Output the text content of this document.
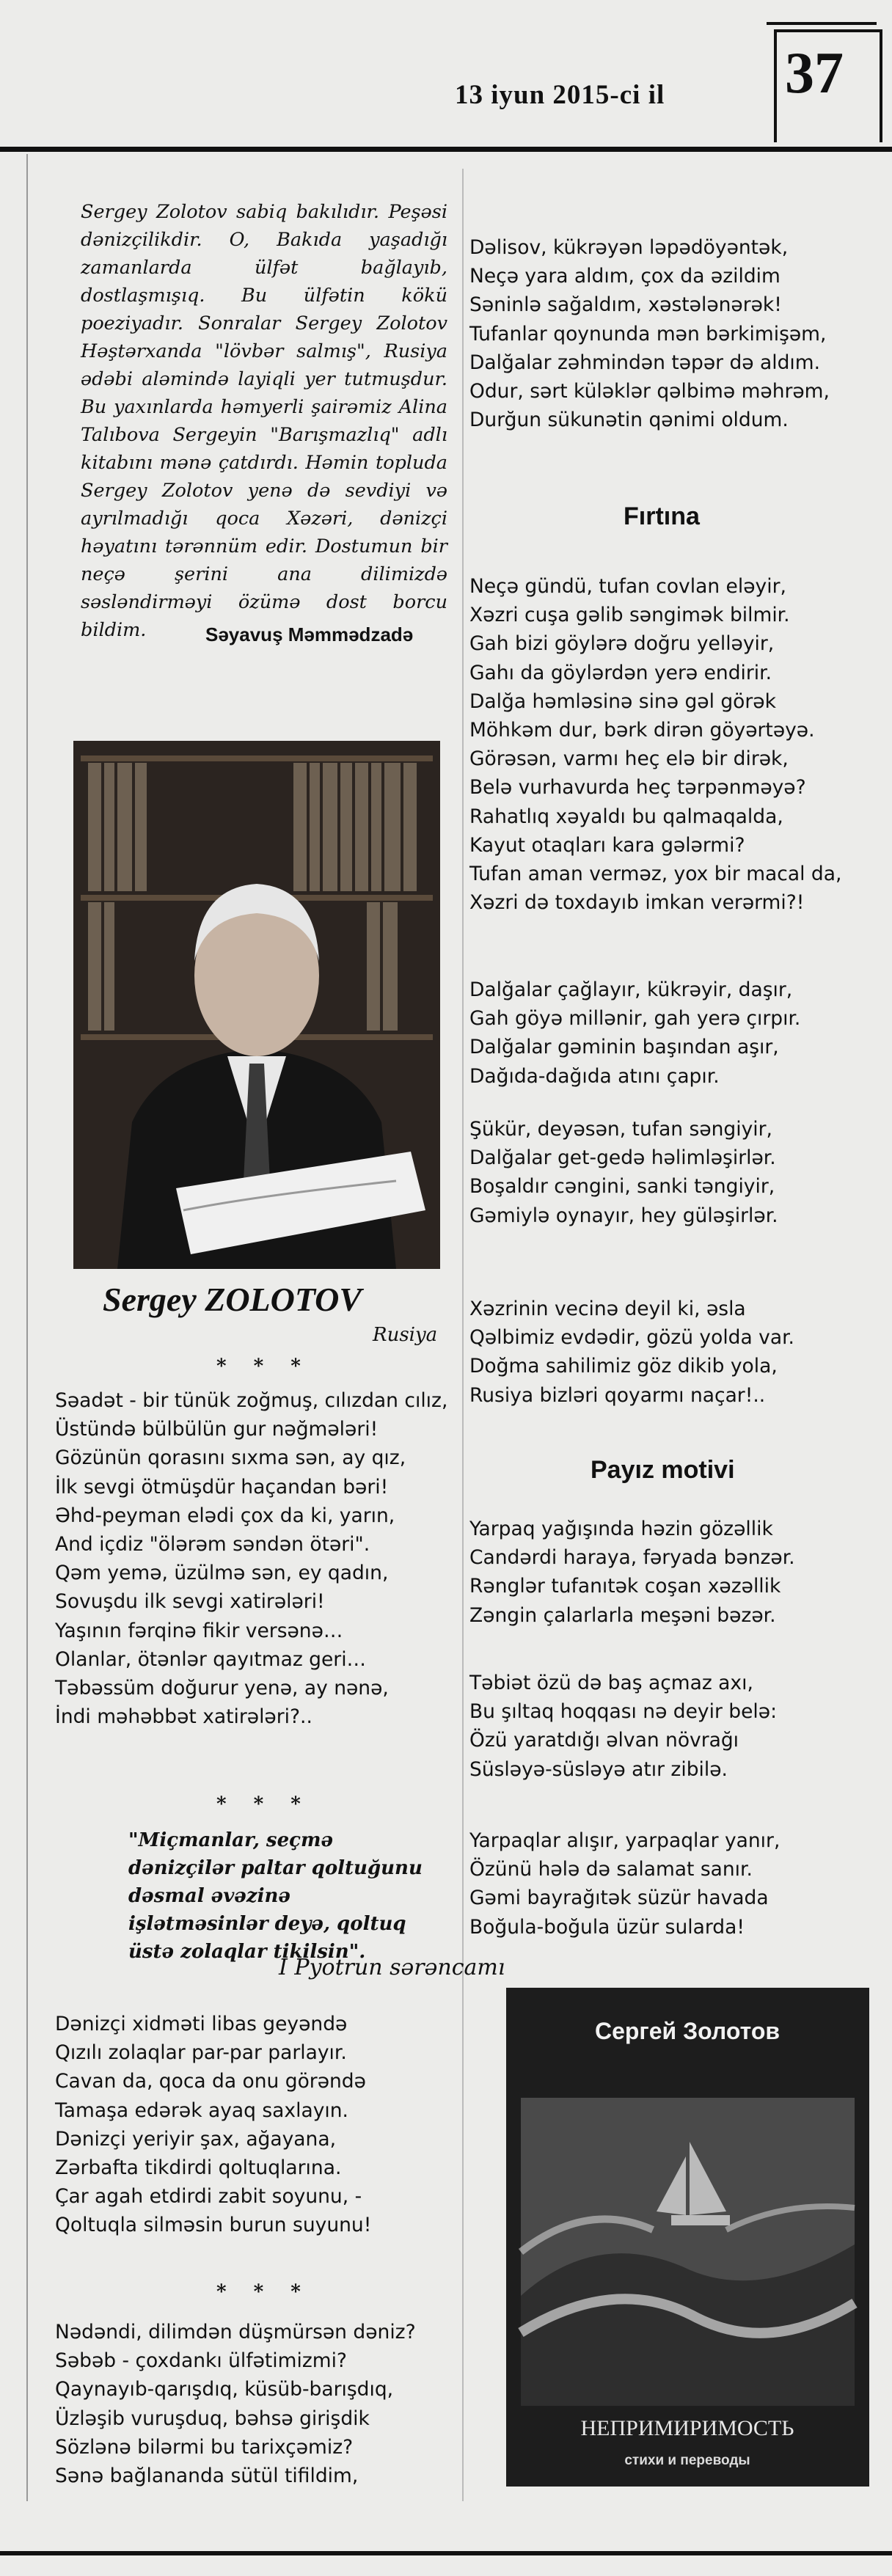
13 iyun 2015-ci il 37
Sergey Zolotov sabiq bakılıdır. Peşəsi dənizçilikdir. O, Bakıda yaşadığı zamanlarda ülfət bağlayıb, dostlaşmışıq. Bu ülfətin kökü poeziyadır. Sonralar Sergey Zolotov Həştərxanda "lövbər salmış", Rusiya ədəbi aləmində layiqli yer tutmuşdur. Bu yaxınlarda həmyerli şairəmiz Alina Talıbova Sergeyin "Barışmazlıq" adlı kitabını mənə çatdırdı. Həmin topluda Sergey Zolotov yenə də sevdiyi və ayrılmadığı qoca Xəzəri, dənizçi həyatını tərənnüm edir. Dostumun bir neçə şerini ana dilimizdə səsləndirməyi özümə dost borcu bildim.	Səyavuş Məmmədzadə
Sergey ZOLOTOV
Rusiya
* * *
Səadət - bir tünük zoğmuş, cılızdan cılız,
Üstündə bülbülün gur nəğmələri!
Gözünün qorasını sıxma sən, ay qız,
İlk sevgi ötmüşdür haçandan bəri!
Əhd-peyman elədi çox da ki, yarın,
And içdiz "ölərəm səndən ötəri".
Qəm yemə, üzülmə sən, ey qadın,
Sovuşdu ilk sevgi xatirələri!
Yaşının fərqinə fikir versənə…
Olanlar, ötənlər qayıtmaz geri…
Təbəssüm doğurur yenə, ay nənə,
İndi məhəbbət xatirələri?..
* * *
"Miçmanlar, seçmə dənizçilər paltar qoltuğunu dəsmal əvəzinə işlətməsinlər deyə, qoltuq üstə zolaqlar tikilsin".
I Pyotrun sərəncamı
Dənizçi xidməti libas geyəndə
Qızılı zolaqlar par-par parlayır.
Cavan da, qoca da onu görəndə
Tamaşa edərək ayaq saxlayın.
Dənizçi yeriyir şax, ağayana,
Zərbafta tikdirdi qoltuqlarına.
Çar agah etdirdi zabit soyunu, -
Qoltuqla silməsin burun suyunu!
* * *
Nədəndi, dilimdən düşmürsən dəniz?
Səbəb - çoxdankı ülfətimizmi?
Qaynayıb-qarışdıq, küsüb-barışdıq,
Üzləşib vuruşduq, bəhsə girişdik
Sözlənə bilərmi bu tarixçəmiz?
Sənə bağlananda sütül tifildim,
Dəlisov, kükrəyən ləpədöyəntək,
Neçə yara aldım, çox da əzildim
Səninlə sağaldım, xəstələnərək!
Tufanlar qoynunda mən bərkimişəm,
Dalğalar zəhmindən təpər də aldım.
Odur, sərt küləklər qəlbimə məhrəm,
Durğun sükunətin qənimi oldum.
Fırtına
Neçə gündü, tufan covlan eləyir,
Xəzri cuşa gəlib səngimək bilmir.
Gah bizi göylərə doğru yelləyir,
Gahı da göylərdən yerə endirir.
Dalğa həmləsinə sinə gəl görək
Möhkəm dur, bərk dirən göyərtəyə.
Görəsən, varmı heç elə bir dirək,
Belə vurhavurda heç tərpənməyə?
Rahatlıq xəyaldı bu qalmaqalda,
Kayut otaqları kara gələrmi?
Tufan aman verməz, yox bir macal da,
Xəzri də toxdayıb imkan verərmi?!
Dalğalar çağlayır, kükrəyir, daşır,
Gah göyə millənir, gah yerə çırpır.
Dalğalar gəminin başından aşır,
Dağıda-dağıda atını çapır.
Şükür, deyəsən, tufan səngiyir,
Dalğalar get-gedə həlimləşirlər.
Boşaldır cəngini, sanki təngiyir,
Gəmiylə oynayır, hey güləşirlər.
Xəzrinin vecinə deyil ki, əsla
Qəlbimiz evdədir, gözü yolda var.
Doğma sahilimiz göz dikib yola,
Rusiya bizləri qoyarmı naçar!..
Payız motivi
Yarpaq yağışında həzin gözəllik
Candərdi haraya, fəryada bənzər.
Rənglər tufanıtək coşan xəzəllik
Zəngin çalarlarla meşəni bəzər.
Təbiət özü də baş açmaz axı,
Bu şıltaq hoqqası nə deyir belə:
Özü yaratdığı əlvan növrağı
Süsləyə-süsləyə atır zibilə.
Yarpaqlar alışır, yarpaqlar yanır,
Özünü hələ də salamat sanır.
Gəmi bayrağıtək süzür havada
Boğula-boğula üzür sularda!
Сергей Золотов
НЕПРИМИРИМОСТЬ
стихи и переводы
